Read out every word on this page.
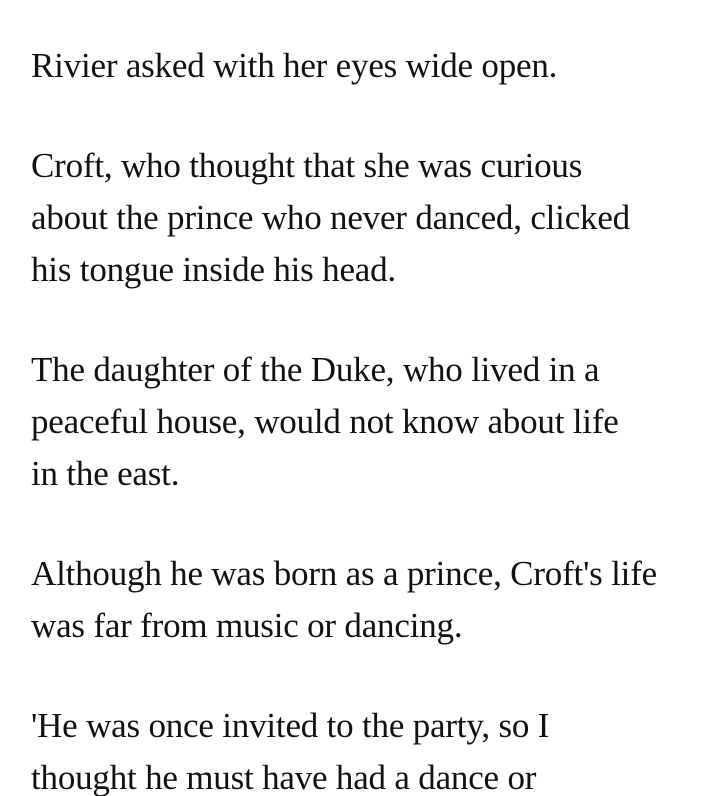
Rivier asked with her eyes wide open.

Croft, who thought that she was curious

about the prince who never danced, clicked

his tongue inside his head.

The daughter of the Duke, who lived in a

peaceful house, would not know about life

in the east.

Although he was born as a prince, Croft's life

was far from music or dancing.

'He was once invited to the party, so I

thought he must have had a dance or
